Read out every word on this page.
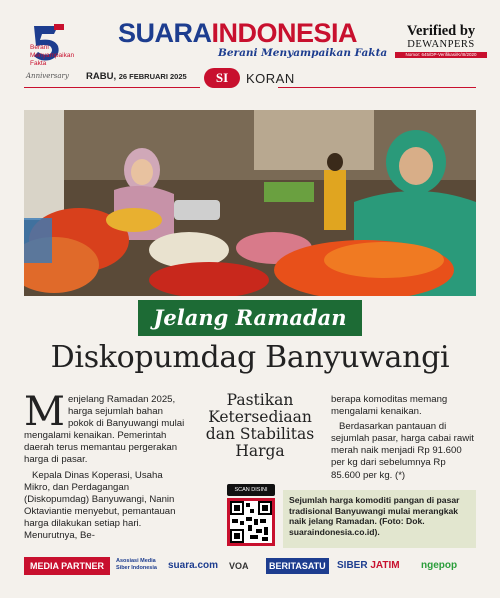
Berani Menyampaikan Fakta
Anniversary
SUARAINDONESIA
Berani Menyampaikan Fakta
Verified by
DEWANPERS
Nomor: 645/DP-Verifikasi/K/III/2020
RABU, 26 FEBRUARI 2025	SI	KORAN
Jelang Ramadan
Diskopumdag Banyuwangi

Menjelang Ramadan 2025, harga sejumlah bahan pokok di Banyuwangi mulai mengalami kenaikan. Pemerintah daerah terus memantau pergerakan harga di pasar.

Kepala Dinas Koperasi, Usaha Mikro, dan Perdagangan (Diskopumdag) Banyuwangi, Nanin Oktaviantie menyebut, pemantauan harga dilakukan setiap hari. Menurutnya, Be-

Pastikan Ketersediaan dan Stabilitas Harga
SCAN DISINI

berapa komoditas memang mengalami kenaikan.

Berdasarkan pantauan di sejumlah pasar, harga cabai rawit merah naik menjadi Rp 91.600 per kg dari sebelumnya Rp 85.600 per kg. (*)

Sejumlah harga komoditi pangan di pasar tradisional Banyuwangi mulai merangkak naik jelang Ramadan. (Foto: Dok. suaraindonesia.co.id).
MEDIA PARTNER	Asosiasi Media Siber Indonesia	suara.com VOA	BERITASATU	SIBER JATIM ngepop
